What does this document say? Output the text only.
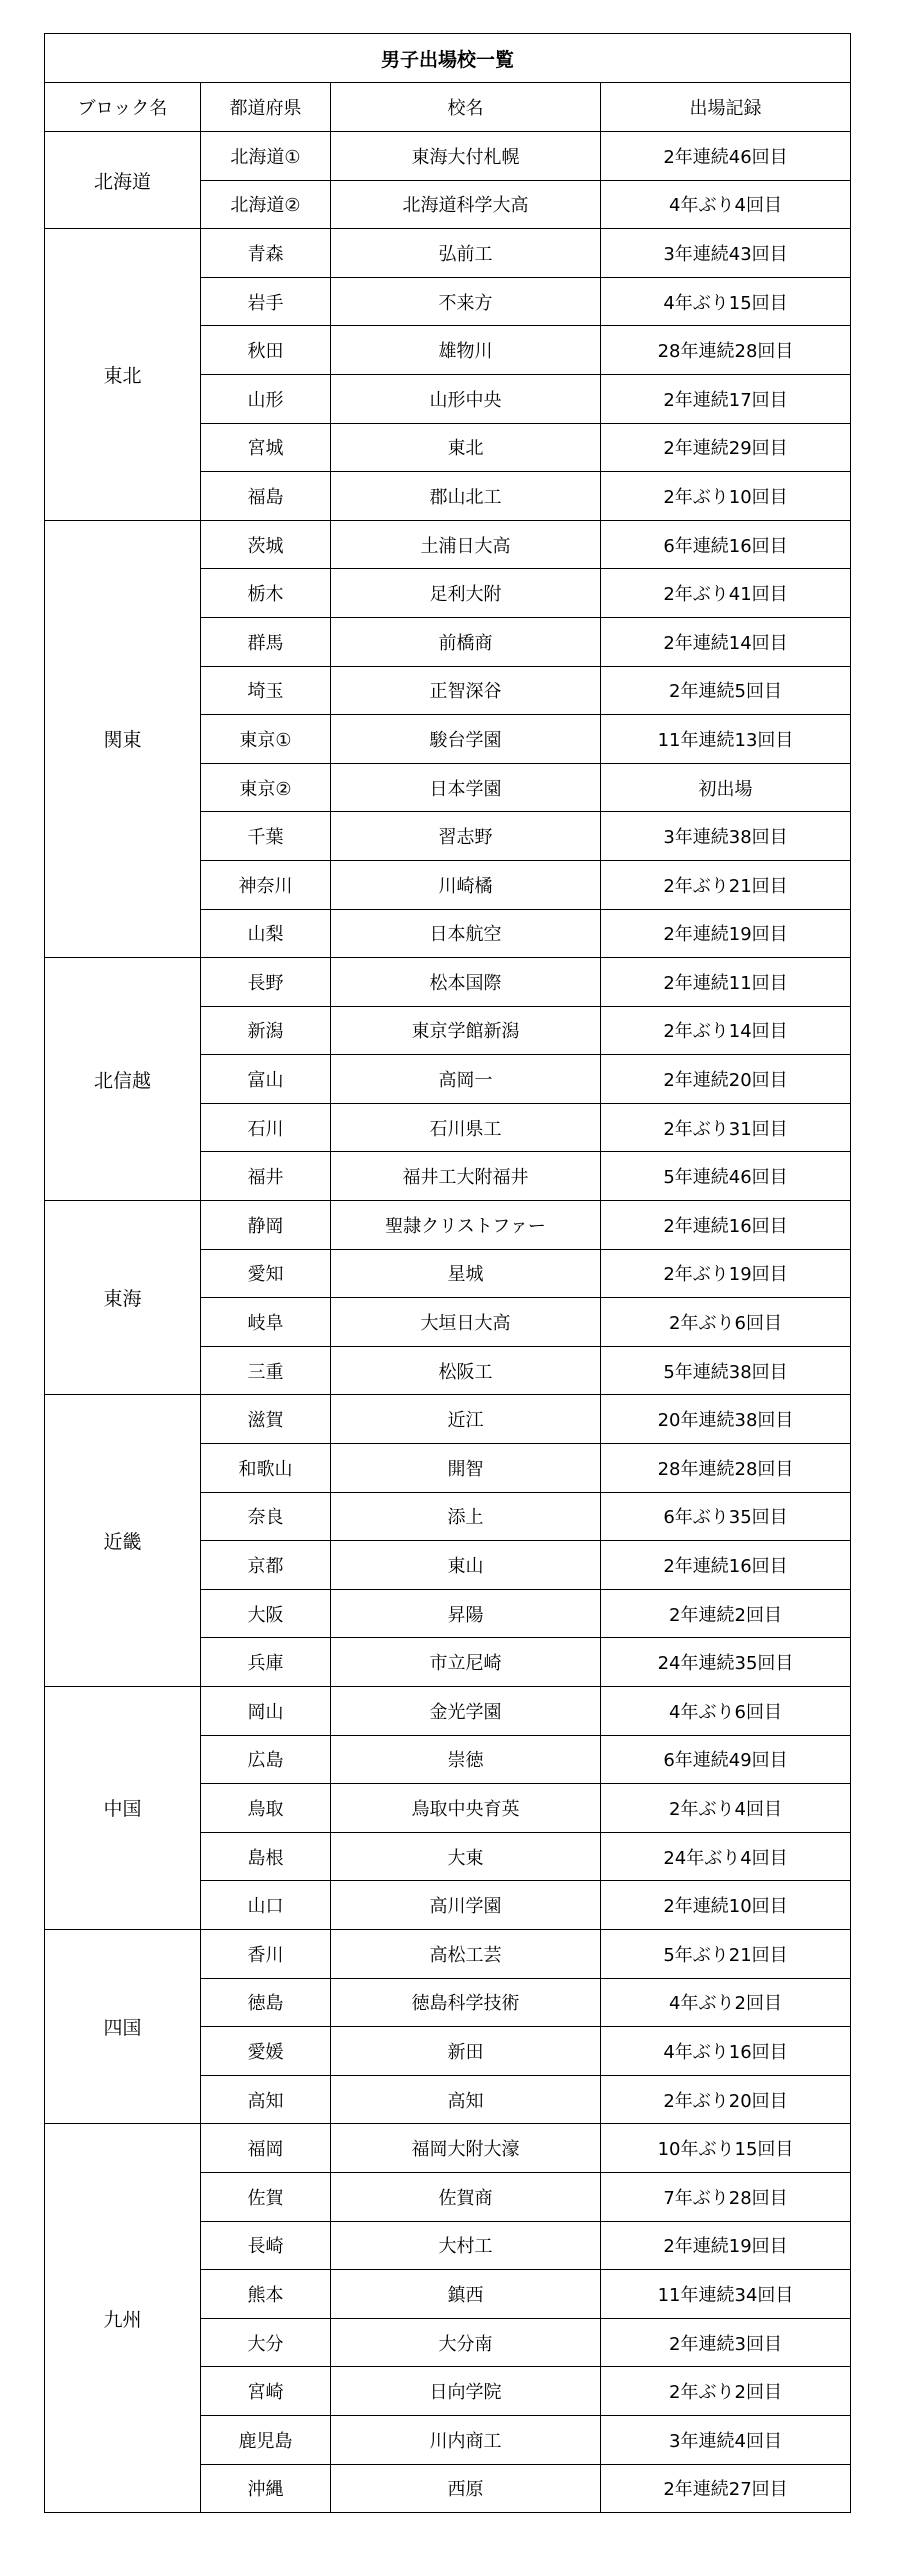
男子出場校一覧			
ブロック名	都道府県	校名	出場記録
北海道	北海道①	東海大付札幌	2年連続46回目
	北海道②	北海道科学大高	4年ぶり4回目
東北	青森	弘前工	3年連続43回目
	岩手	不来方	4年ぶり15回目
	秋田	雄物川	28年連続28回目
	山形	山形中央	2年連続17回目
	宮城	東北	2年連続29回目
	福島	郡山北工	2年ぶり10回目
関東	茨城	土浦日大高	6年連続16回目
	栃木	足利大附	2年ぶり41回目
	群馬	前橋商	2年連続14回目
	埼玉	正智深谷	2年連続5回目
	東京①	駿台学園	11年連続13回目
	東京②	日本学園	初出場
	千葉	習志野	3年連続38回目
	神奈川	川崎橘	2年ぶり21回目
	山梨	日本航空	2年連続19回目
北信越	長野	松本国際	2年連続11回目
	新潟	東京学館新潟	2年ぶり14回目
	富山	高岡一	2年連続20回目
	石川	石川県工	2年ぶり31回目
	福井	福井工大附福井	5年連続46回目
東海	静岡	聖隷クリストファー	2年連続16回目
	愛知	星城	2年ぶり19回目
	岐阜	大垣日大高	2年ぶり6回目
	三重	松阪工	5年連続38回目
近畿	滋賀	近江	20年連続38回目
	和歌山	開智	28年連続28回目
	奈良	添上	6年ぶり35回目
	京都	東山	2年連続16回目
	大阪	昇陽	2年連続2回目
	兵庫	市立尼崎	24年連続35回目
中国	岡山	金光学園	4年ぶり6回目
	広島	崇徳	6年連続49回目
	鳥取	鳥取中央育英	2年ぶり4回目
	島根	大東	24年ぶり4回目
	山口	高川学園	2年連続10回目
四国	香川	高松工芸	5年ぶり21回目
	徳島	徳島科学技術	4年ぶり2回目
	愛媛	新田	4年ぶり16回目
	高知	高知	2年ぶり20回目
九州	福岡	福岡大附大濠	10年ぶり15回目
	佐賀	佐賀商	7年ぶり28回目
	長崎	大村工	2年連続19回目
	熊本	鎮西	11年連続34回目
	大分	大分南	2年連続3回目
	宮崎	日向学院	2年ぶり2回目
	鹿児島	川内商工	3年連続4回目
	沖縄	西原	2年連続27回目
